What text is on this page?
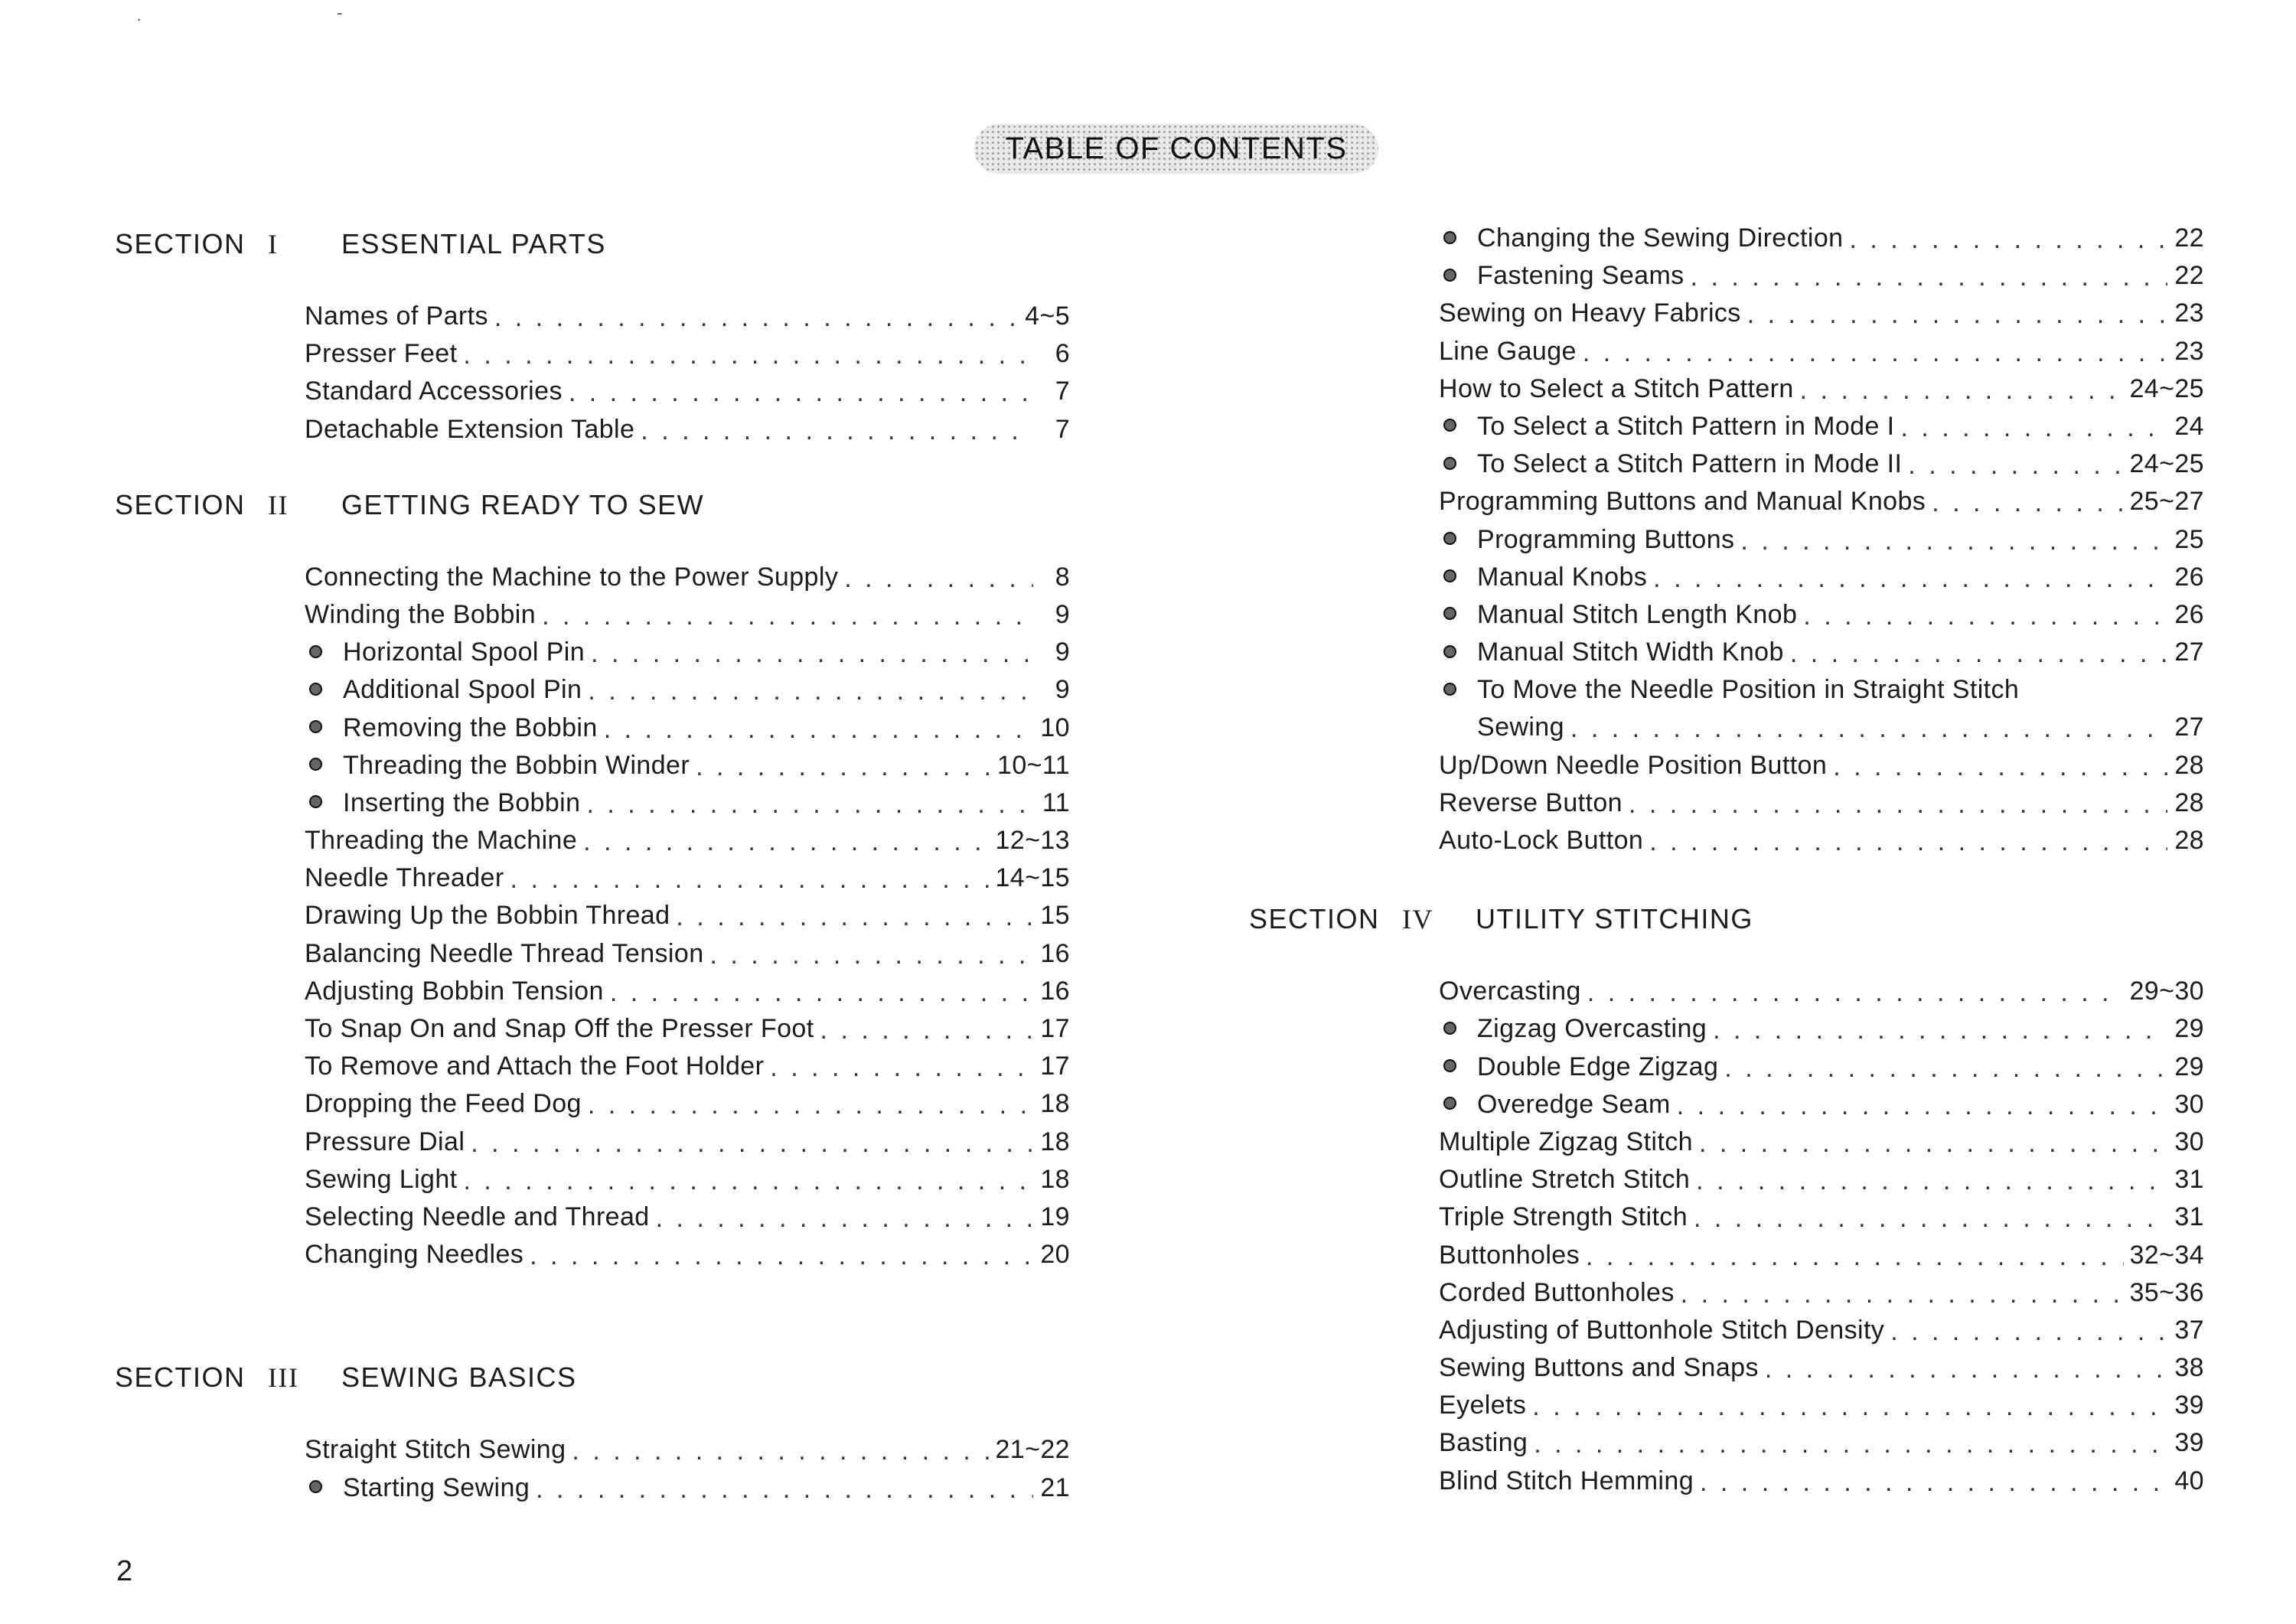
TABLE OF CONTENTS
SECTION I	ESSENTIAL PARTS
Names of Parts . . .	4~5
Presser Feet . . .	6
Standard Accessories . . .	7
Detachable Extension Table . . .	7
SECTION II	GETTING READY TO SEW
Connecting the Machine to the Power Supply . . .	8
Winding the Bobbin . . .	9
Horizontal Spool Pin . . .	9
Additional Spool Pin . . .	9
Removing the Bobbin . . .	10
Threading the Bobbin Winder . . .	10~11
Inserting the Bobbin . . .	11
Threading the Machine . . .	12~13
Needle Threader . . .	14~15
Drawing Up the Bobbin Thread . . .	15
Balancing Needle Thread Tension . . .	16
Adjusting Bobbin Tension . . .	16
To Snap On and Snap Off the Presser Foot . . .	17
To Remove and Attach the Foot Holder . . .	17
Dropping the Feed Dog . . .	18
Pressure Dial . . .	18
Sewing Light . . .	18
Selecting Needle and Thread . . .	19
Changing Needles . . .	20
SECTION III	SEWING BASICS
Straight Stitch Sewing . . .	21~22
Starting Sewing . . .	21
Changing the Sewing Direction . . .	22
Fastening Seams . . .	22
Sewing on Heavy Fabrics . . .	23
Line Gauge . . .	23
How to Select a Stitch Pattern . . .	24~25
To Select a Stitch Pattern in Mode I . . .	24
To Select a Stitch Pattern in Mode II . . .	24~25
Programming Buttons and Manual Knobs . . .	25~27
Programming Buttons . . .	25
Manual Knobs . . .	26
Manual Stitch Length Knob . . .	26
Manual Stitch Width Knob . . .	27
To Move the Needle Position in Straight Stitch
Sewing . . .	27
Up/Down Needle Position Button . . .	28
Reverse Button . . .	28
Auto-Lock Button . . .	28
SECTION IV	UTILITY STITCHING
Overcasting . . .	29~30
Zigzag Overcasting . . .	29
Double Edge Zigzag . . .	29
Overedge Seam . . .	30
Multiple Zigzag Stitch . . .	30
Outline Stretch Stitch . . .	31
Triple Strength Stitch . . .	31
Buttonholes . . .	32~34
Corded Buttonholes . . .	35~36
Adjusting of Buttonhole Stitch Density . . .	37
Sewing Buttons and Snaps . . .	38
Eyelets . . .	39
Basting . . .	39
Blind Stitch Hemming . . .	40
2
·	-
